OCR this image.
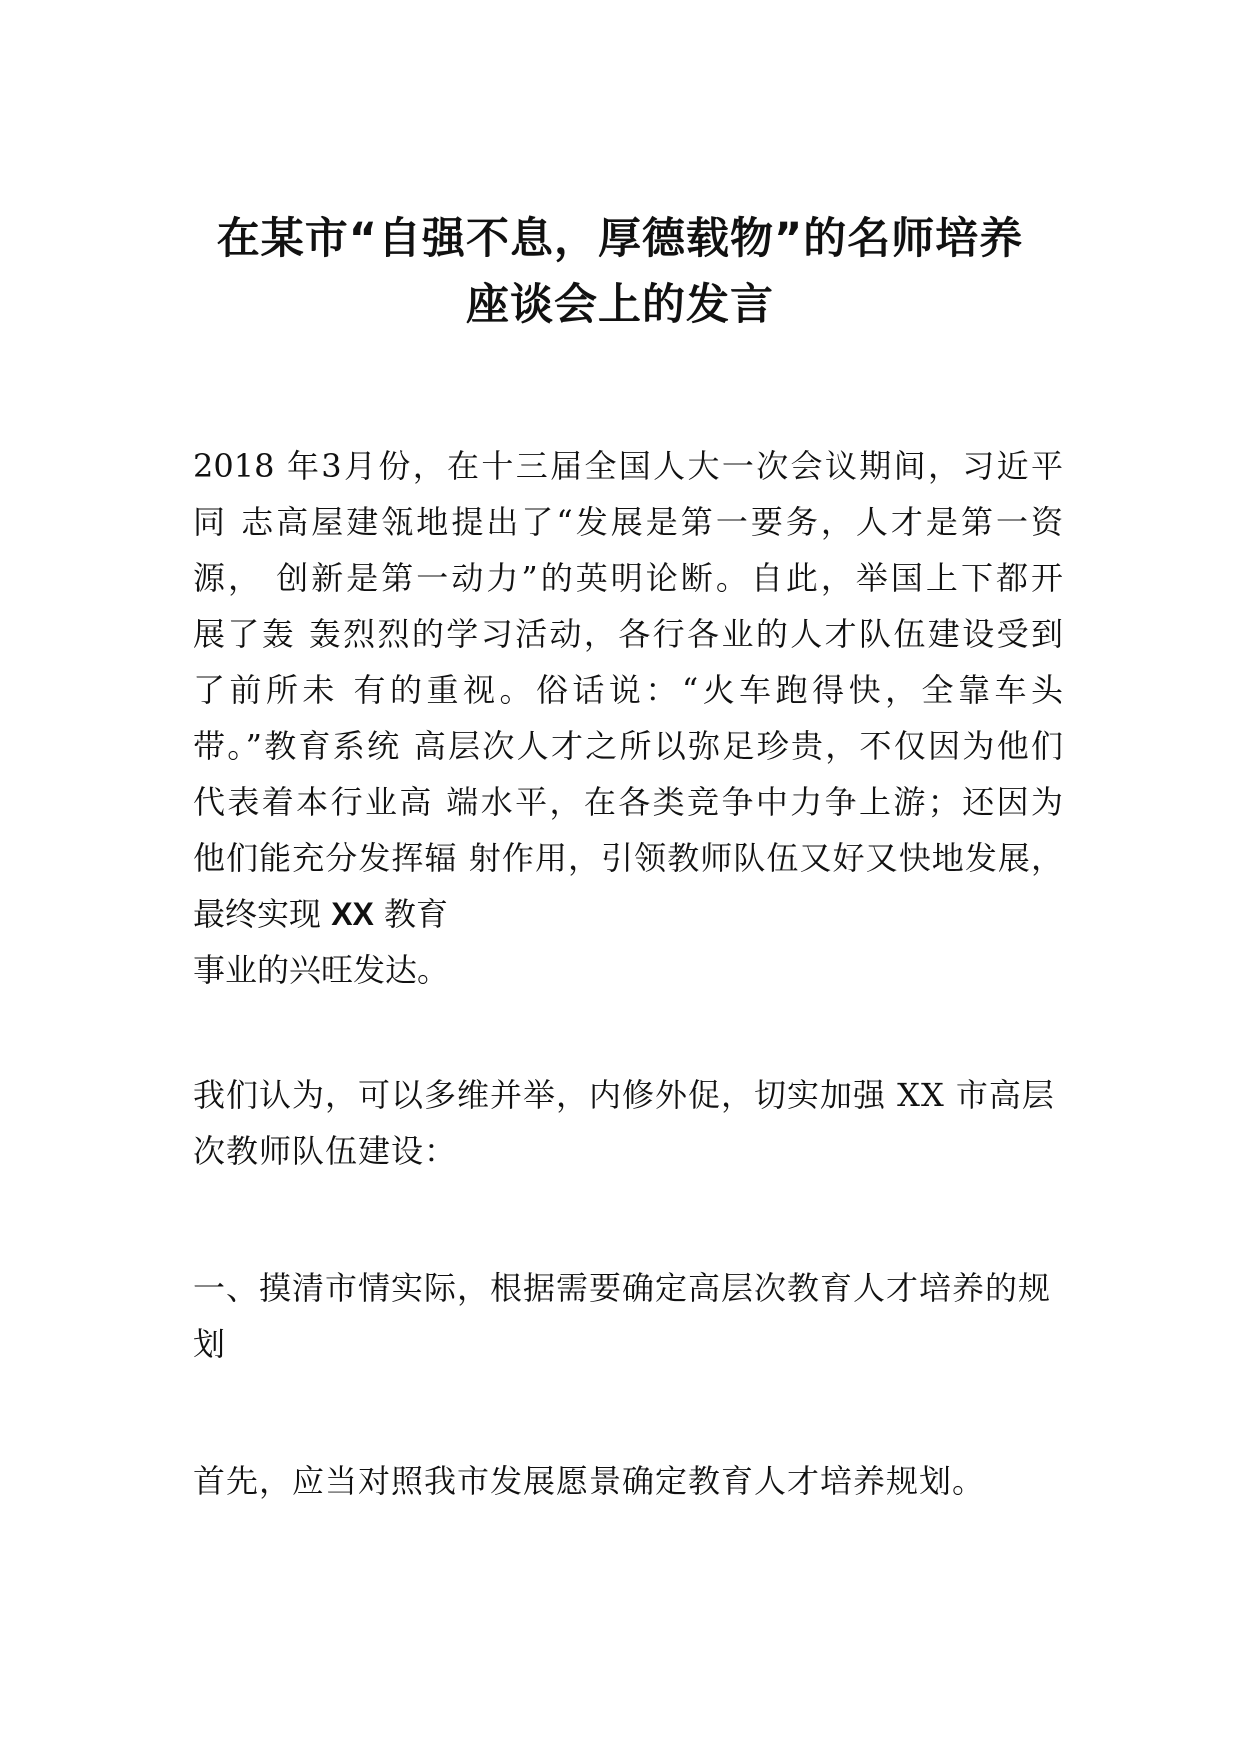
在某市“自强不息，厚德载物”的名师培养
座谈会上的发言
2018 年3月份，在十三届全国人大一次会议期间，习近平
同 志高屋建瓴地提出了“发展是第一要务，人才是第一资
源， 创新是第一动力”的英明论断。自此，举国上下都开
展了轰 轰烈烈的学习活动，各行各业的人才队伍建设受到
了前所未 有的重视。俗话说：“火车跑得快，全靠车头
带。”教育系统 高层次人才之所以弥足珍贵，不仅因为他们
代表着本行业高 端水平，在各类竞争中力争上游；还因为
他们能充分发挥辐 射作用，引领教师队伍又好又快地发展，
最终实现 XX 教育
事业的兴旺发达。
我们认为，可以多维并举，内修外促，切实加强 XX 市高层
次教师队伍建设：
一、摸清市情实际，根据需要确定高层次教育人才培养的规
划
首先，应当对照我市发展愿景确定教育人才培养规划。
